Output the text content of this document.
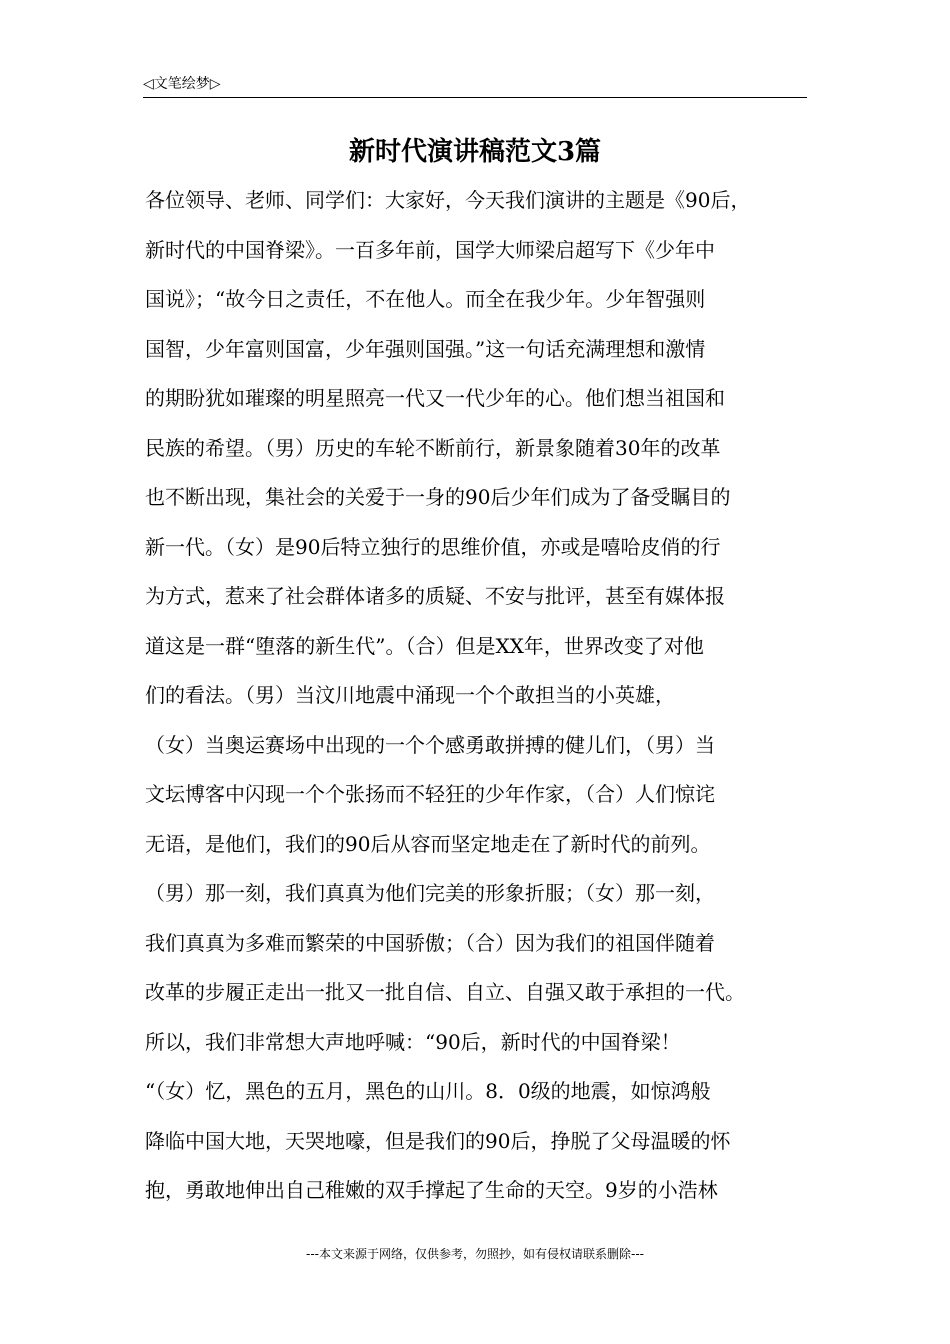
◁文笔绘梦▷
新时代演讲稿范文3篇
各位领导、老师、同学们：大家好，今天我们演讲的主题是《90后，
新时代的中国脊梁》。一百多年前，国学大师梁启超写下《少年中
国说》；“故今日之责任，不在他人。而全在我少年。少年智强则
国智，少年富则国富，少年强则国强。”这一句话充满理想和激情
的期盼犹如璀璨的明星照亮一代又一代少年的心。他们想当祖国和
民族的希望。（男）历史的车轮不断前行，新景象随着30年的改革
也不断出现，集社会的关爱于一身的90后少年们成为了备受瞩目的
新一代。（女）是90后特立独行的思维价值，亦或是嘻哈皮俏的行
为方式，惹来了社会群体诸多的质疑、不安与批评，甚至有媒体报
道这是一群“堕落的新生代”。（合）但是XX年，世界改变了对他
们的看法。（男）当汶川地震中涌现一个个敢担当的小英雄，
（女）当奥运赛场中出现的一个个感勇敢拼搏的健儿们，（男）当
文坛博客中闪现一个个张扬而不轻狂的少年作家，（合）人们惊诧
无语，是他们，我们的90后从容而坚定地走在了新时代的前列。
（男）那一刻，我们真真为他们完美的形象折服；（女）那一刻，
我们真真为多难而繁荣的中国骄傲；（合）因为我们的祖国伴随着
改革的步履正走出一批又一批自信、自立、自强又敢于承担的一代。
所以，我们非常想大声地呼喊：“90后，新时代的中国脊梁！
“（女）忆，黑色的五月，黑色的山川。8．0级的地震，如惊鸿般
降临中国大地，天哭地嚎，但是我们的90后，挣脱了父母温暖的怀
抱，勇敢地伸出自己稚嫩的双手撑起了生命的天空。9岁的小浩林
---本文来源于网络，仅供参考，勿照抄，如有侵权请联系删除---
